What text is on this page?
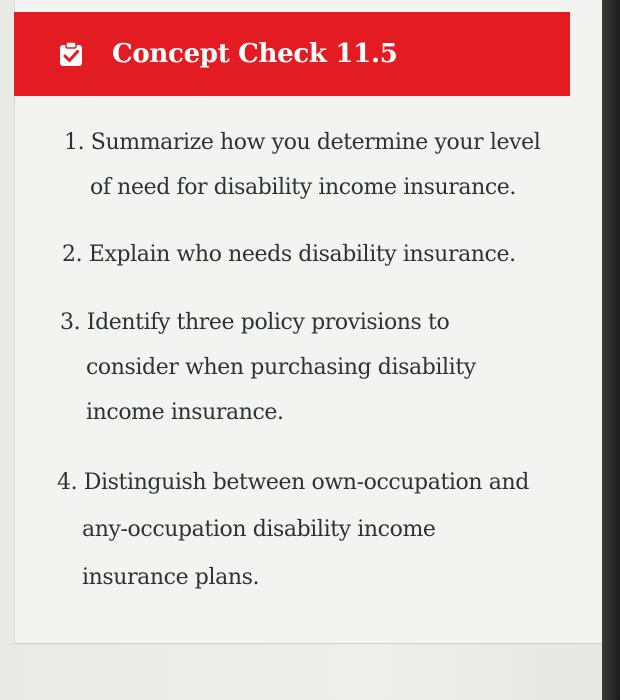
Concept Check 11.5
1. Summarize how you determine your level
of need for disability income insurance.
2. Explain who needs disability insurance.
3. Identify three policy provisions to
consider when purchasing disability
income insurance.
4. Distinguish between own-occupation and
any-occupation disability income
insurance plans.
